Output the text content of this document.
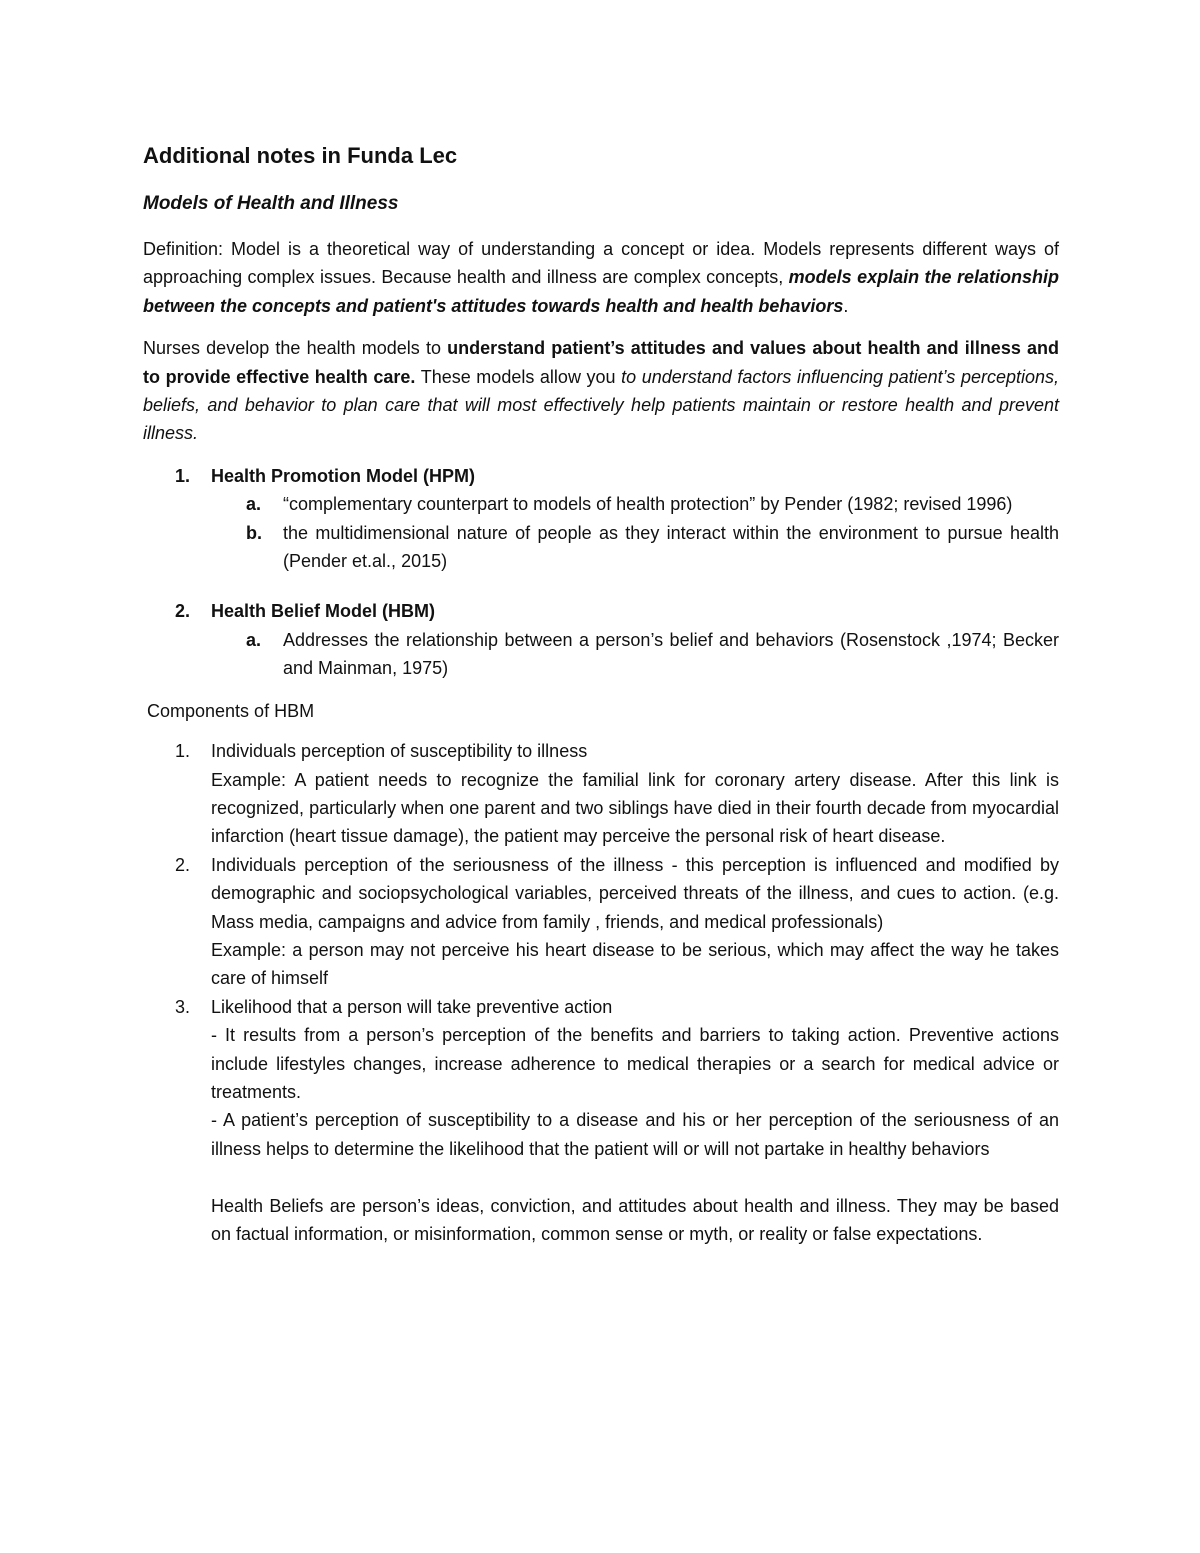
Additional notes in Funda Lec
Models of Health and Illness

Definition: Model is a theoretical way of understanding a concept or idea. Models represents different ways of approaching complex issues. Because health and illness are complex concepts, models explain the relationship between the concepts and patient's attitudes towards health and health behaviors.

Nurses develop the health models to understand patient’s attitudes and values about health and illness and to provide effective health care. These models allow you to understand factors influencing patient’s perceptions, beliefs, and behavior to plan care that will most effectively help patients maintain or restore health and prevent illness.

1. Health Promotion Model (HPM)

a. “complementary counterpart to models of health protection” by Pender (1982; revised 1996)

b. the multidimensional nature of people as they interact within the environment to pursue health (Pender et.al., 2015)

2. Health Belief Model (HBM)

a. Addresses the relationship between a person’s belief and behaviors (Rosenstock ,1974; Becker and Mainman, 1975)

Components of HBM
1. Individuals perception of susceptibility to illness

Example: A patient needs to recognize the familial link for coronary artery disease. After this link is recognized, particularly when one parent and two siblings have died in their fourth decade from myocardial infarction (heart tissue damage), the patient may perceive the personal risk of heart disease.

2. Individuals perception of the seriousness of the illness - this perception is influenced and modified by demographic and sociopsychological variables, perceived threats of the illness, and cues to action. (e.g. Mass media, campaigns and advice from family , friends, and medical professionals)

Example: a person may not perceive his heart disease to be serious, which may affect the way he takes care of himself

3. Likelihood that a person will take preventive action

- It results from a person’s perception of the benefits and barriers to taking action. Preventive actions include lifestyles changes, increase adherence to medical therapies or a search for medical advice or treatments.

- A patient’s perception of susceptibility to a disease and his or her perception of the seriousness of an illness helps to determine the likelihood that the patient will or will not partake in healthy behaviors

Health Beliefs are person’s ideas, conviction, and attitudes about health and illness. They may be based on factual information, or misinformation, common sense or myth, or reality or false expectations.
